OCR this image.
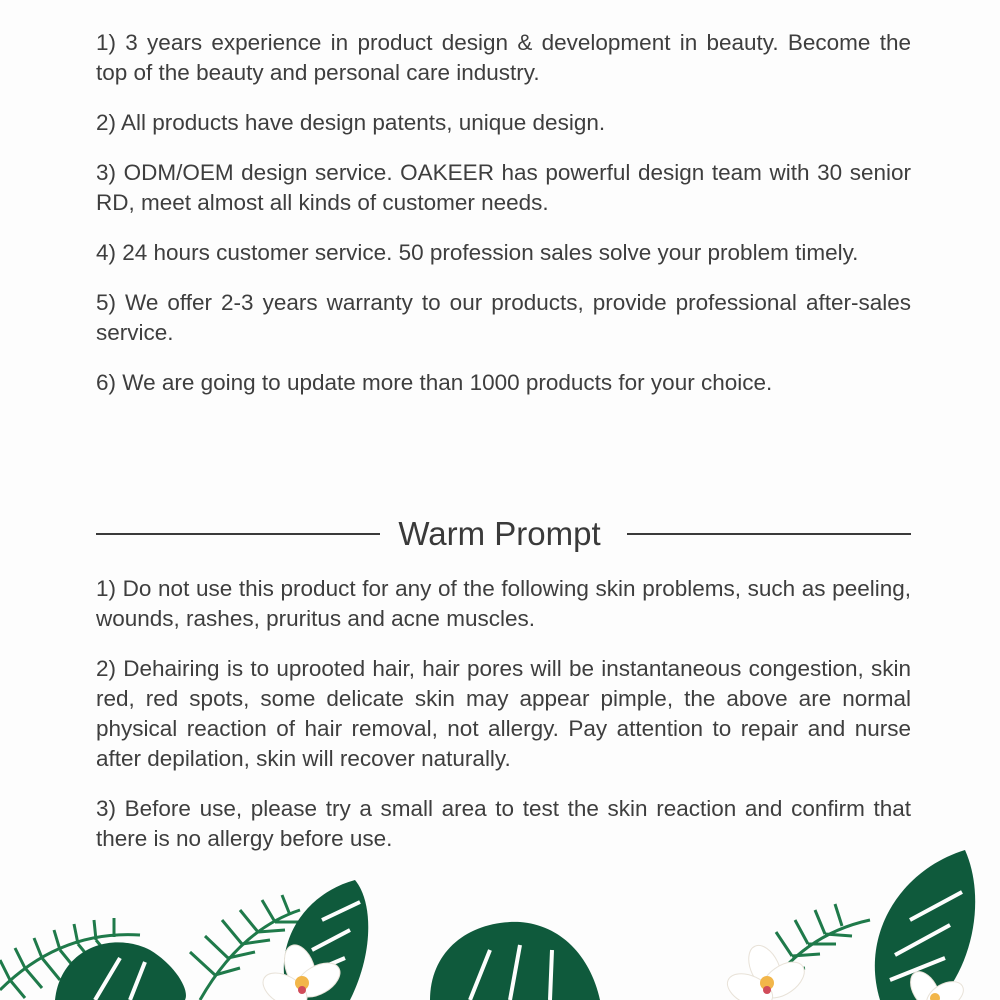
1) 3 years experience in product design & development in beauty. Become the top of the beauty and personal care industry.

2) All products have design patents, unique design.

3) ODM/OEM design service. OAKEER has powerful design team with 30 senior RD, meet almost all kinds of customer needs.

4) 24 hours customer service. 50 profession sales solve your problem timely.

5) We offer 2-3 years warranty to our products, provide professional after-sales service.

6) We are going to update more than 1000 products for your choice.

Warm Prompt

1) Do not use this product for any of the following skin problems, such as peeling, wounds, rashes, pruritus and acne muscles.

2) Dehairing is to uprooted hair, hair pores will be instantaneous congestion, skin red, red spots, some delicate skin may appear pimple, the above are normal physical reaction of hair removal, not allergy. Pay attention to repair and nurse after depilation, skin will recover naturally.

3) Before use, please try a small area to test the skin reaction and confirm that there is no allergy before use.
